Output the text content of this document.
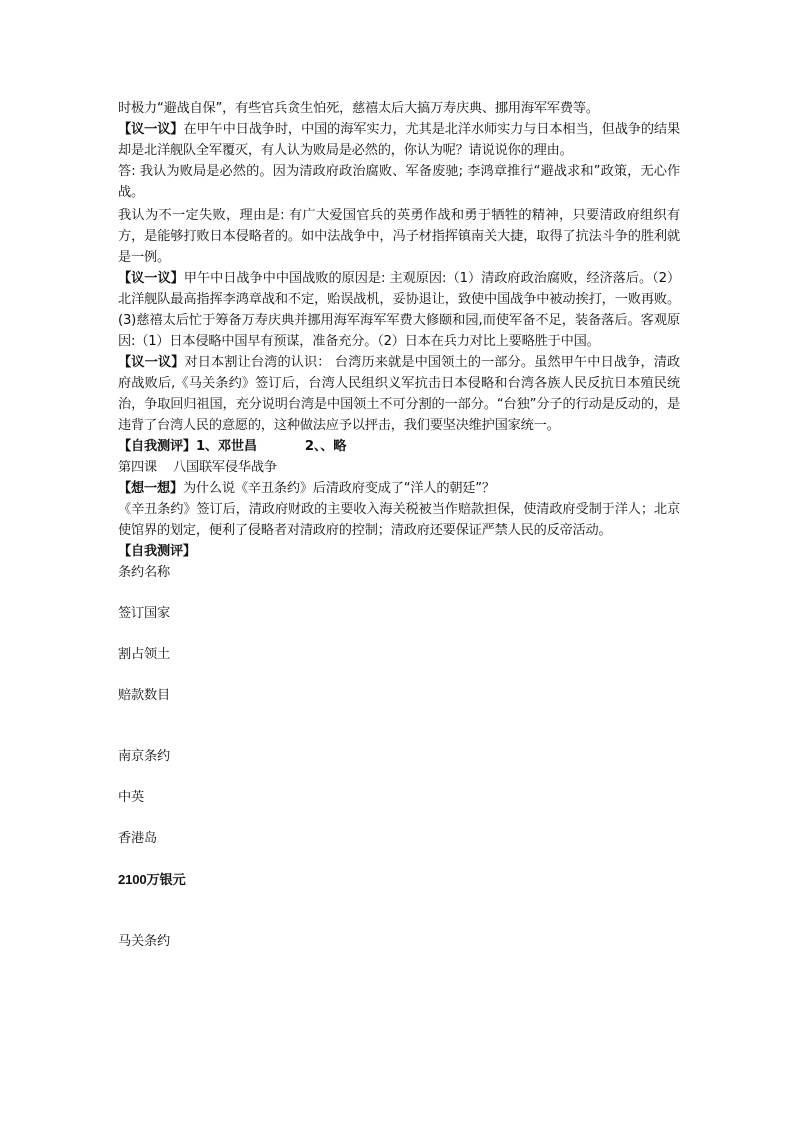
时极力“避战自保”，有些官兵贪生怕死，慈禧太后大搞万寿庆典、挪用海军军费等。

【议一议】在甲午中日战争时，中国的海军实力，尤其是北洋水师实力与日本相当，但战争的结果却是北洋舰队全军覆灭，有人认为败局是必然的，你认为呢？请说说你的理由。

答: 我认为败局是必然的。因为清政府政治腐败、军备废驰; 李鸿章推行“避战求和”政策，无心作战。

我认为不一定失败，理由是: 有广大爱国官兵的英勇作战和勇于牺牲的精神，只要清政府组织有方，是能够打败日本侵略者的。如中法战争中，冯子材指挥镇南关大捷，取得了抗法斗争的胜利就是一例。

【议一议】甲午中日战争中中国战败的原因是: 主观原因:（1）清政府政治腐败，经济落后。（2）北洋舰队最高指挥李鸿章战和不定，贻误战机，妥协退让，致使中国战争中被动挨打，一败再败。(3)慈禧太后忙于筹备万寿庆典并挪用海军海军军费大修颐和园,而使军备不足，装备落后。客观原因:（1）日本侵略中国早有预谋，准备充分。（2）日本在兵力对比上要略胜于中国。

【议一议】对日本割让台湾的认识： 台湾历来就是中国领土的一部分。虽然甲午中日战争，清政府战败后,《马关条约》签订后，台湾人民组织义军抗击日本侵略和台湾各族人民反抗日本殖民统治，争取回归祖国，充分说明台湾是中国领土不可分割的一部分。“台独”分子的行动是反动的，是违背了台湾人民的意愿的，这种做法应予以抨击，我们要坚决维护国家统一。

【自我测评】1、邓世昌	2、、略

第四课 八国联军侵华战争

【想一想】为什么说《辛丑条约》后清政府变成了“洋人的朝廷”？

《辛丑条约》签订后，清政府财政的主要收入海关税被当作赔款担保，使清政府受制于洋人；北京使馆界的划定，便利了侵略者对清政府的控制；清政府还要保证严禁人民的反帝活动。

【自我测评】

条约名称

签订国家

割占领土

赔款数目

南京条约

中英

香港岛

2100万银元

马关条约
